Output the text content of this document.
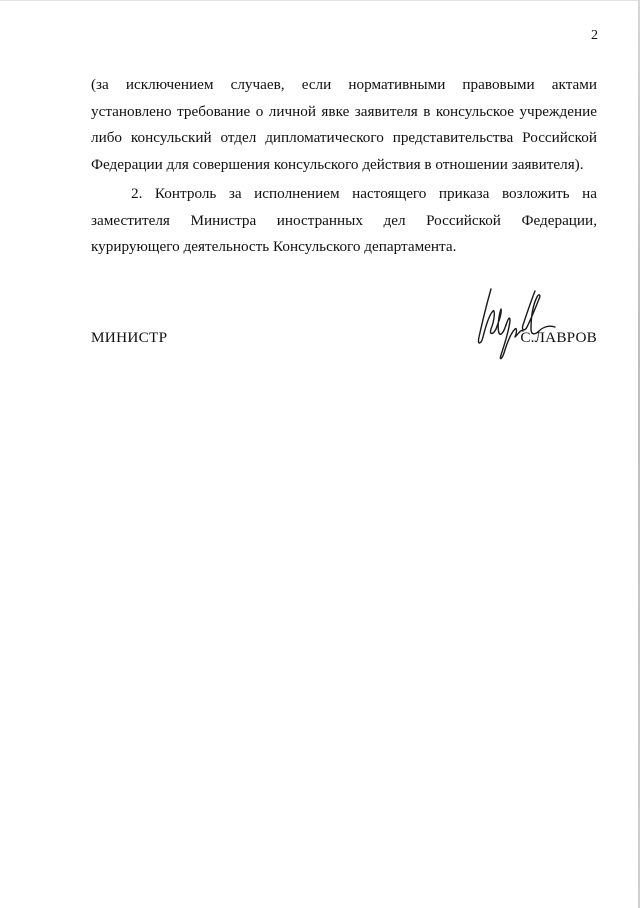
2

(за исключением случаев, если нормативными правовыми актами установлено требование о личной явке заявителя в консульское учреждение либо консульский отдел дипломатического представительства Российской Федерации для совершения консульского действия в отношении заявителя).

2. Контроль за исполнением настоящего приказа возложить на заместителя Министра иностранных дел Российской Федерации, курирующего деятельность Консульского департамента.

МИНИСТР	С.ЛАВРОВ
